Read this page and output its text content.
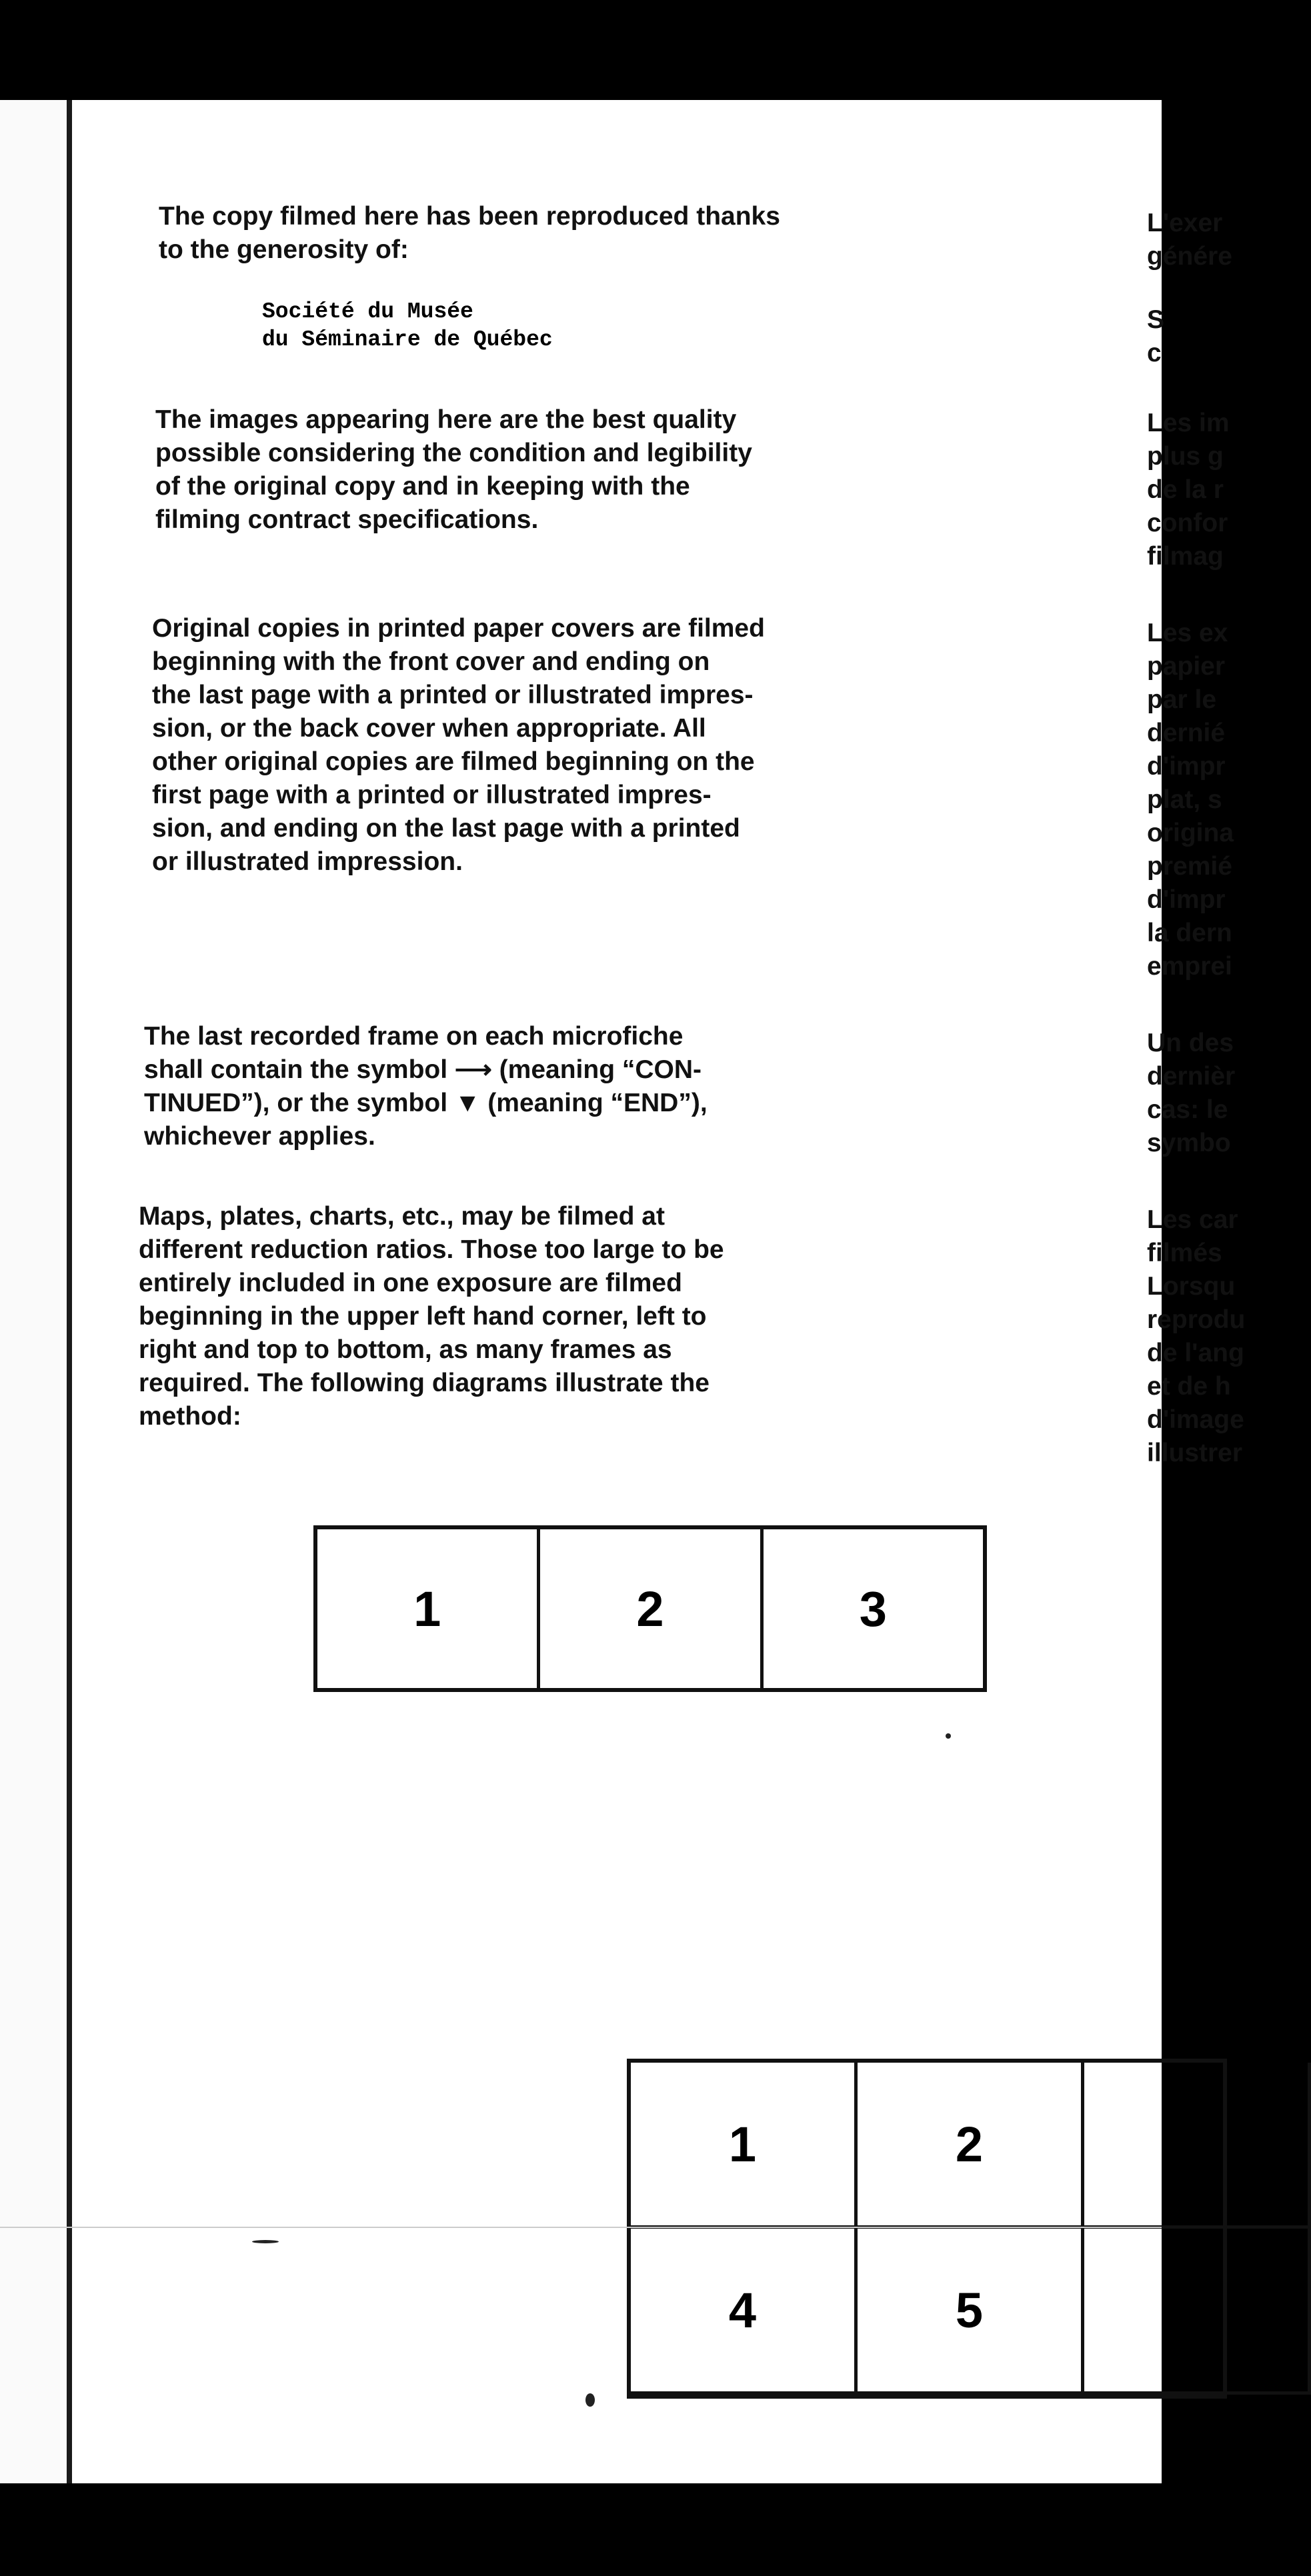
The copy filmed here has been reproduced thanks

to the generosity of:

Société du Musée

du Séminaire de Québec

The images appearing here are the best quality

possible considering the condition and legibility

of the original copy and in keeping with the

filming contract specifications.

Original copies in printed paper covers are filmed

beginning with the front cover and ending on

the last page with a printed or illustrated impres-

sion, or the back cover when appropriate. All

other original copies are filmed beginning on the

first page with a printed or illustrated impres-

sion, and ending on the last page with a printed

or illustrated impression.

The last recorded frame on each microfiche

shall contain the symbol ⟶ (meaning “CON-

TINUED”), or the symbol ▼ (meaning “END”),

whichever applies.

Maps, plates, charts, etc., may be filmed at

different reduction ratios. Those too large to be

entirely included in one exposure are filmed

beginning in the upper left hand corner, left to

right and top to bottom, as many frames as

required. The following diagrams illustrate the

method:

1	2	3
1	2
4	5

L'exer

génére

S

c

Les im

plus g

de la r

confor

filmag

Les ex

papier

par le

dernié

d'impr

plat, s

origina

premié

d'impr

la dern

emprei

Un des

dernièr

cas: le

symbo

Les car

filmés

Lorsqu

reprodu

de l'ang

et de h

d'image

illustrer
